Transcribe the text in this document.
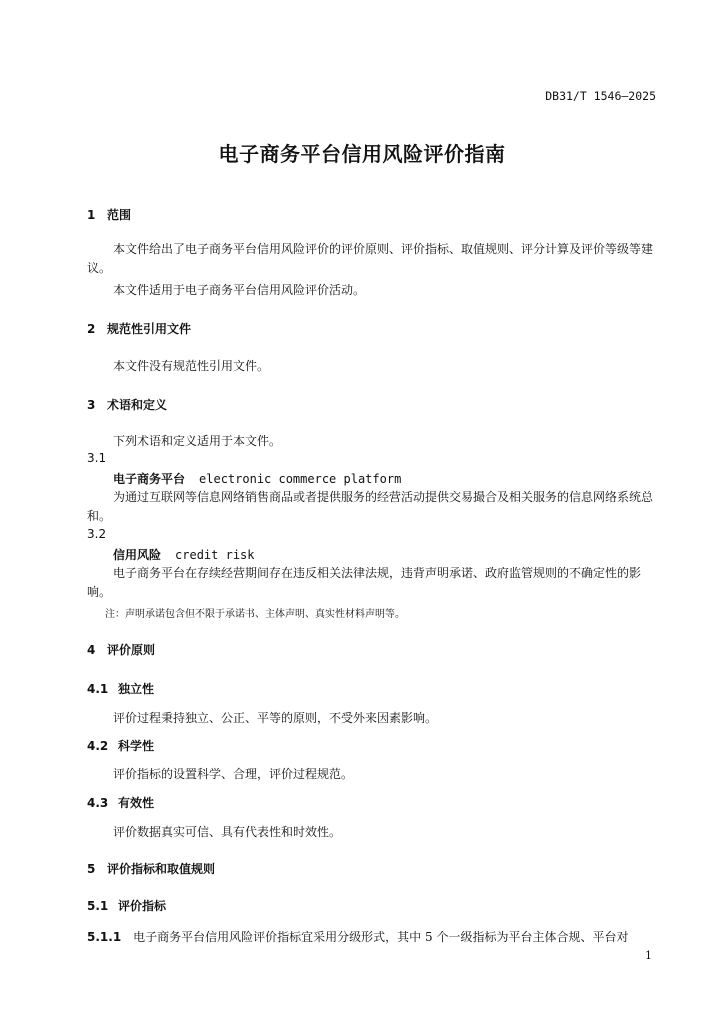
DB31/T 1546—2025
电子商务平台信用风险评价指南
1 范围
本文件给出了电子商务平台信用风险评价的评价原则、评价指标、取值规则、评分计算及评价等级等建议。
本文件适用于电子商务平台信用风险评价活动。
2 规范性引用文件
本文件没有规范性引用文件。
3 术语和定义
下列术语和定义适用于本文件。
3.1
电子商务平台 electronic commerce platform
为通过互联网等信息网络销售商品或者提供服务的经营活动提供交易撮合及相关服务的信息网络系统总和。
3.2
信用风险 credit risk
电子商务平台在存续经营期间存在违反相关法律法规，违背声明承诺、政府监管规则的不确定性的影响。
注：声明承诺包含但不限于承诺书、主体声明、真实性材料声明等。
4 评价原则
4.1 独立性
评价过程秉持独立、公正、平等的原则，不受外来因素影响。
4.2 科学性
评价指标的设置科学、合理，评价过程规范。
4.3 有效性
评价数据真实可信、具有代表性和时效性。
5 评价指标和取值规则
5.1 评价指标
5.1.1 电子商务平台信用风险评价指标宜采用分级形式，其中 5 个一级指标为平台主体合规、平台对
1
